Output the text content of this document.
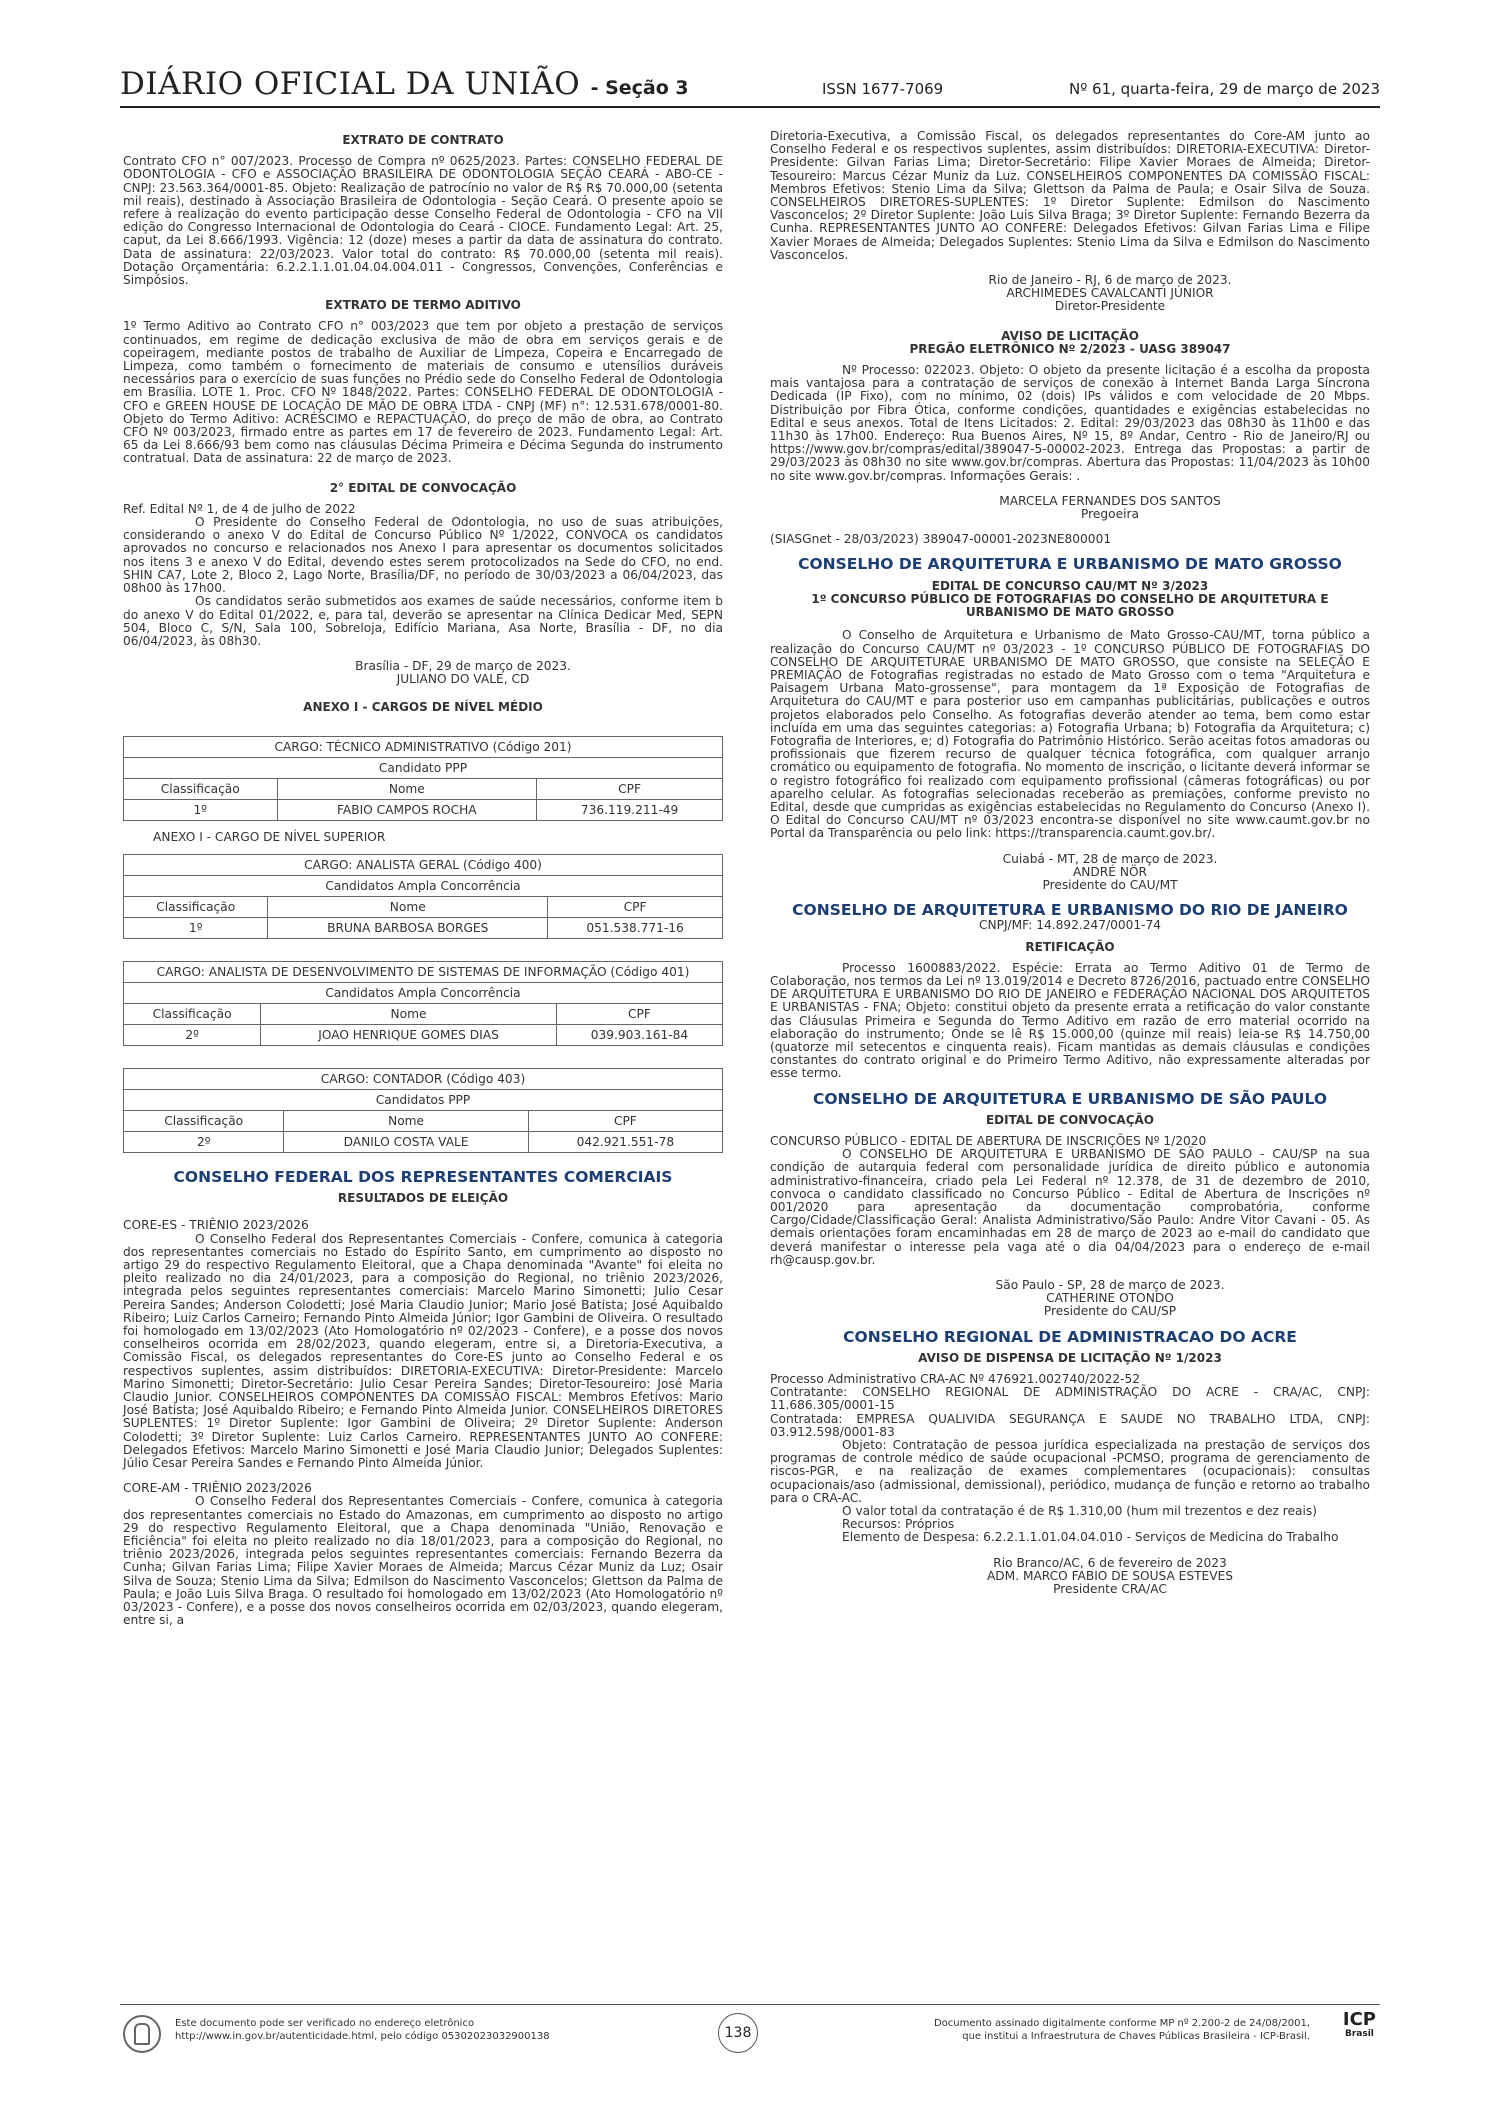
DIÁRIO OFICIAL DA UNIÃO - Seção 3	ISSN 1677-7069	Nº 61, quarta-feira, 29 de março de 2023
EXTRATO DE CONTRATO

Contrato CFO n° 007/2023. Processo de Compra nº 0625/2023. Partes: CONSELHO FEDERAL DE ODONTOLOGIA - CFO e ASSOCIAÇÃO BRASILEIRA DE ODONTOLOGIA SEÇÃO CEARÁ - ABO-CE - CNPJ: 23.563.364/0001-85. Objeto: Realização de patrocínio no valor de R$ R$ 70.000,00 (setenta mil reais), destinado à Associação Brasileira de Odontologia - Seção Ceará. O presente apoio se refere à realização do evento participação desse Conselho Federal de Odontologia - CFO na VII edição do Congresso Internacional de Odontologia do Ceará - CIOCE. Fundamento Legal: Art. 25, caput, da Lei 8.666/1993. Vigência: 12 (doze) meses a partir da data de assinatura do contrato. Data de assinatura: 22/03/2023. Valor total do contrato: R$ 70.000,00 (setenta mil reais). Dotação Orçamentária: 6.2.2.1.1.01.04.04.004.011 - Congressos, Convenções, Conferências e Simpósios.

EXTRATO DE TERMO ADITIVO

1º Termo Aditivo ao Contrato CFO n° 003/2023 que tem por objeto a prestação de serviços continuados, em regime de dedicação exclusiva de mão de obra em serviços gerais e de copeiragem, mediante postos de trabalho de Auxiliar de Limpeza, Copeira e Encarregado de Limpeza, como também o fornecimento de materiais de consumo e utensílios duráveis necessários para o exercício de suas funções no Prédio sede do Conselho Federal de Odontologia em Brasília. LOTE 1. Proc. CFO Nº 1848/2022. Partes: CONSELHO FEDERAL DE ODONTOLOGIA - CFO e GREEN HOUSE DE LOCAÇÃO DE MÃO DE OBRA LTDA - CNPJ (MF) n°: 12.531.678/0001-80. Objeto do Termo Aditivo: ACRÉSCIMO e REPACTUAÇÃO, do preço de mão de obra, ao Contrato CFO Nº 003/2023, firmado entre as partes em 17 de fevereiro de 2023. Fundamento Legal: Art. 65 da Lei 8.666/93 bem como nas cláusulas Décima Primeira e Décima Segunda do instrumento contratual. Data de assinatura: 22 de março de 2023.

2° EDITAL DE CONVOCAÇÃO

Ref. Edital Nº 1, de 4 de julho de 2022

O Presidente do Conselho Federal de Odontologia, no uso de suas atribuições, considerando o anexo V do Edital de Concurso Público Nº 1/2022, CONVOCA os candidatos aprovados no concurso e relacionados nos Anexo I para apresentar os documentos solicitados nos itens 3 e anexo V do Edital, devendo estes serem protocolizados na Sede do CFO, no end. SHIN CA7, Lote 2, Bloco 2, Lago Norte, Brasília/DF, no período de 30/03/2023 a 06/04/2023, das 08h00 às 17h00.

Os candidatos serão submetidos aos exames de saúde necessários, conforme item b do anexo V do Edital 01/2022, e, para tal, deverão se apresentar na Clínica Dedicar Med, SEPN 504, Bloco C, S/N, Sala 100, Sobreloja, Edifício Mariana, Asa Norte, Brasília - DF, no dia 06/04/2023, às 08h30.

Brasília - DF, 29 de março de 2023.
JULIANO DO VALE, CD
ANEXO I - CARGOS DE NÍVEL MÉDIO
CARGO: TÉCNICO ADMINISTRATIVO (Código 201)		
Candidato PPP		
Classificação	Nome	CPF
1º	FABIO CAMPOS ROCHA	736.119.211-49

ANEXO I - CARGO DE NÍVEL SUPERIOR

CARGO: ANALISTA GERAL (Código 400)		
Candidatos Ampla Concorrência		
Classificação	Nome	CPF
1º	BRUNA BARBOSA BORGES	051.538.771-16
CARGO: ANALISTA DE DESENVOLVIMENTO DE SISTEMAS DE INFORMAÇÃO (Código 401)		
Candidatos Ampla Concorrência		
Classificação	Nome	CPF
2º	JOAO HENRIQUE GOMES DIAS	039.903.161-84
CARGO: CONTADOR (Código 403)		
Candidatos PPP		
Classificação	Nome	CPF
2º	DANILO COSTA VALE	042.921.551-78
CONSELHO FEDERAL DOS REPRESENTANTES COMERCIAIS
RESULTADOS DE ELEIÇÃO

CORE-ES - TRIÊNIO 2023/2026

O Conselho Federal dos Representantes Comerciais - Confere, comunica à categoria dos representantes comerciais no Estado do Espírito Santo, em cumprimento ao disposto no artigo 29 do respectivo Regulamento Eleitoral, que a Chapa denominada "Avante" foi eleita no pleito realizado no dia 24/01/2023, para a composição do Regional, no triênio 2023/2026, integrada pelos seguintes representantes comerciais: Marcelo Marino Simonetti; Julio Cesar Pereira Sandes; Anderson Colodetti; José Maria Claudio Junior; Mario José Batista; José Aquibaldo Ribeiro; Luiz Carlos Carneiro; Fernando Pinto Almeida Júnior; Igor Gambini de Oliveira. O resultado foi homologado em 13/02/2023 (Ato Homologatório nº 02/2023 - Confere), e a posse dos novos conselheiros ocorrida em 28/02/2023, quando elegeram, entre si, a Diretoria-Executiva, a Comissão Fiscal, os delegados representantes do Core-ES junto ao Conselho Federal e os respectivos suplentes, assim distribuídos: DIRETORIA-EXECUTIVA: Diretor-Presidente: Marcelo Marino Simonetti; Diretor-Secretário: Julio Cesar Pereira Sandes; Diretor-Tesoureiro: José Maria Claudio Junior. CONSELHEIROS COMPONENTES DA COMISSÃO FISCAL: Membros Efetivos: Mario José Batista; José Aquibaldo Ribeiro; e Fernando Pinto Almeida Junior. CONSELHEIROS DIRETORES SUPLENTES: 1º Diretor Suplente: Igor Gambini de Oliveira; 2º Diretor Suplente: Anderson Colodetti; 3º Diretor Suplente: Luiz Carlos Carneiro. REPRESENTANTES JUNTO AO CONFERE: Delegados Efetivos: Marcelo Marino Simonetti e José Maria Claudio Junior; Delegados Suplentes: Júlio Cesar Pereira Sandes e Fernando Pinto Almeida Júnior.

CORE-AM - TRIÊNIO 2023/2026

O Conselho Federal dos Representantes Comerciais - Confere, comunica à categoria dos representantes comerciais no Estado do Amazonas, em cumprimento ao disposto no artigo 29 do respectivo Regulamento Eleitoral, que a Chapa denominada "União, Renovação e Eficiência" foi eleita no pleito realizado no dia 18/01/2023, para a composição do Regional, no triênio 2023/2026, integrada pelos seguintes representantes comerciais: Fernando Bezerra da Cunha; Gilvan Farias Lima; Filipe Xavier Moraes de Almeida; Marcus Cézar Muniz da Luz; Osair Silva de Souza; Stenio Lima da Silva; Edmilson do Nascimento Vasconcelos; Glettson da Palma de Paula; e João Luis Silva Braga. O resultado foi homologado em 13/02/2023 (Ato Homologatório nº 03/2023 - Confere), e a posse dos novos conselheiros ocorrida em 02/03/2023, quando elegeram, entre si, a

Diretoria-Executiva, a Comissão Fiscal, os delegados representantes do Core-AM junto ao Conselho Federal e os respectivos suplentes, assim distribuídos: DIRETORIA-EXECUTIVA: Diretor-Presidente: Gilvan Farias Lima; Diretor-Secretário: Filipe Xavier Moraes de Almeida; Diretor-Tesoureiro: Marcus Cézar Muniz da Luz. CONSELHEIROS COMPONENTES DA COMISSÃO FISCAL: Membros Efetivos: Stenio Lima da Silva; Glettson da Palma de Paula; e Osair Silva de Souza. CONSELHEIROS DIRETORES-SUPLENTES: 1º Diretor Suplente: Edmilson do Nascimento Vasconcelos; 2º Diretor Suplente: João Luis Silva Braga; 3º Diretor Suplente: Fernando Bezerra da Cunha. REPRESENTANTES JUNTO AO CONFERE: Delegados Efetivos: Gilvan Farias Lima e Filipe Xavier Moraes de Almeida; Delegados Suplentes: Stenio Lima da Silva e Edmilson do Nascimento Vasconcelos.

Rio de Janeiro - RJ, 6 de março de 2023.
ARCHIMEDES CAVALCANTI JÚNIOR
Diretor-Presidente
AVISO DE LICITAÇÃO
PREGÃO ELETRÔNICO Nº 2/2023 - UASG 389047

Nº Processo: 022023. Objeto: O objeto da presente licitação é a escolha da proposta mais vantajosa para a contratação de serviços de conexão à Internet Banda Larga Síncrona Dedicada (IP Fixo), com no mínimo, 02 (dois) IPs válidos e com velocidade de 20 Mbps. Distribuição por Fibra Ótica, conforme condições, quantidades e exigências estabelecidas no Edital e seus anexos. Total de Itens Licitados: 2. Edital: 29/03/2023 das 08h30 às 11h00 e das 11h30 às 17h00. Endereço: Rua Buenos Aires, Nº 15, 8º Andar, Centro - Rio de Janeiro/RJ ou https://www.gov.br/compras/edital/389047-5-00002-2023. Entrega das Propostas: a partir de 29/03/2023 às 08h30 no site www.gov.br/compras. Abertura das Propostas: 11/04/2023 às 10h00 no site www.gov.br/compras. Informações Gerais: .

MARCELA FERNANDES DOS SANTOS
Pregoeira

(SIASGnet - 28/03/2023) 389047-00001-2023NE800001

CONSELHO DE ARQUITETURA E URBANISMO DE MATO GROSSO
EDITAL DE CONCURSO CAU/MT Nº 3/2023
1º CONCURSO PÚBLICO DE FOTOGRAFIAS DO CONSELHO DE ARQUITETURA E URBANISMO DE MATO GROSSO

O Conselho de Arquitetura e Urbanismo de Mato Grosso-CAU/MT, torna público a realização do Concurso CAU/MT nº 03/2023 - 1º CONCURSO PÚBLICO DE FOTOGRAFIAS DO CONSELHO DE ARQUITETURAE URBANISMO DE MATO GROSSO, que consiste na SELEÇÃO E PREMIAÇÃO de Fotografias registradas no estado de Mato Grosso com o tema "Arquitetura e Paisagem Urbana Mato-grossense", para montagem da 1ª Exposição de Fotografias de Arquitetura do CAU/MT e para posterior uso em campanhas publicitárias, publicações e outros projetos elaborados pelo Conselho. As fotografias deverão atender ao tema, bem como estar incluída em uma das seguintes categorias: a) Fotografia Urbana; b) Fotografia da Arquitetura; c) Fotografia de Interiores, e; d) Fotografia do Patrimônio Histórico. Serão aceitas fotos amadoras ou profissionais que fizerem recurso de qualquer técnica fotográfica, com qualquer arranjo cromático ou equipamento de fotografia. No momento de inscrição, o licitante deverá informar se o registro fotográfico foi realizado com equipamento profissional (câmeras fotográficas) ou por aparelho celular. As fotografias selecionadas receberão as premiações, conforme previsto no Edital, desde que cumpridas as exigências estabelecidas no Regulamento do Concurso (Anexo I). O Edital do Concurso CAU/MT nº 03/2023 encontra-se disponível no site www.caumt.gov.br no Portal da Transparência ou pelo link: https://transparencia.caumt.gov.br/.

Cuiabá - MT, 28 de março de 2023.
ANDRÉ NÖR
Presidente do CAU/MT
CONSELHO DE ARQUITETURA E URBANISMO DO RIO DE JANEIRO
CNPJ/MF: 14.892.247/0001-74
RETIFICAÇÃO

Processo 1600883/2022. Espécie: Errata ao Termo Aditivo 01 de Termo de Colaboração, nos termos da Lei nº 13.019/2014 e Decreto 8726/2016, pactuado entre CONSELHO DE ARQUITETURA E URBANISMO DO RIO DE JANEIRO e FEDERAÇÃO NACIONAL DOS ARQUITETOS E URBANISTAS - FNA; Objeto: constitui objeto da presente errata a retificação do valor constante das Cláusulas Primeira e Segunda do Termo Aditivo em razão de erro material ocorrido na elaboração do instrumento; Onde se lê R$ 15.000,00 (quinze mil reais) leia-se R$ 14.750,00 (quatorze mil setecentos e cinquenta reais). Ficam mantidas as demais cláusulas e condições constantes do contrato original e do Primeiro Termo Aditivo, não expressamente alteradas por esse termo.

CONSELHO DE ARQUITETURA E URBANISMO DE SÃO PAULO
EDITAL DE CONVOCAÇÃO

CONCURSO PÚBLICO - EDITAL DE ABERTURA DE INSCRIÇÕES Nº 1/2020

O CONSELHO DE ARQUITETURA E URBANISMO DE SÃO PAULO - CAU/SP na sua condição de autarquia federal com personalidade jurídica de direito público e autonomia administrativo-financeira, criado pela Lei Federal nº 12.378, de 31 de dezembro de 2010, convoca o candidato classificado no Concurso Público - Edital de Abertura de Inscrições nº 001/2020 para apresentação da documentação comprobatória, conforme Cargo/Cidade/Classificação Geral: Analista Administrativo/São Paulo: Andre Vitor Cavani - 05. As demais orientações foram encaminhadas em 28 de março de 2023 ao e-mail do candidato que deverá manifestar o interesse pela vaga até o dia 04/04/2023 para o endereço de e-mail rh@causp.gov.br.

São Paulo - SP, 28 de março de 2023.
CATHERINE OTONDO
Presidente do CAU/SP
CONSELHO REGIONAL DE ADMINISTRACAO DO ACRE
AVISO DE DISPENSA DE LICITAÇÃO Nº 1/2023

Processo Administrativo CRA-AC Nº 476921.002740/2022-52

Contratante: CONSELHO REGIONAL DE ADMINISTRAÇÃO DO ACRE - CRA/AC, CNPJ: 11.686.305/0001-15

Contratada: EMPRESA QUALIVIDA SEGURANÇA E SAUDE NO TRABALHO LTDA, CNPJ: 03.912.598/0001-83

Objeto: Contratação de pessoa jurídica especializada na prestação de serviços dos programas de controle médico de saúde ocupacional -PCMSO, programa de gerenciamento de riscos-PGR, e na realização de exames complementares (ocupacionais): consultas ocupacionais/aso (admissional, demissional), periódico, mudança de função e retorno ao trabalho para o CRA-AC.

O valor total da contratação é de R$ 1.310,00 (hum mil trezentos e dez reais)

Recursos: Próprios

Elemento de Despesa: 6.2.2.1.1.01.04.04.010 - Serviços de Medicina do Trabalho

Rio Branco/AC, 6 de fevereiro de 2023
ADM. MARCO FABIO DE SOUSA ESTEVES
Presidente CRA/AC
Este documento pode ser verificado no endereço eletrônico
http://www.in.gov.br/autenticidade.html, pelo código 05302023032900138	138
Documento assinado digitalmente conforme MP nº 2.200-2 de 24/08/2001,
que institui a Infraestrutura de Chaves Públicas Brasileira - ICP-Brasil.
ICP
Brasil
